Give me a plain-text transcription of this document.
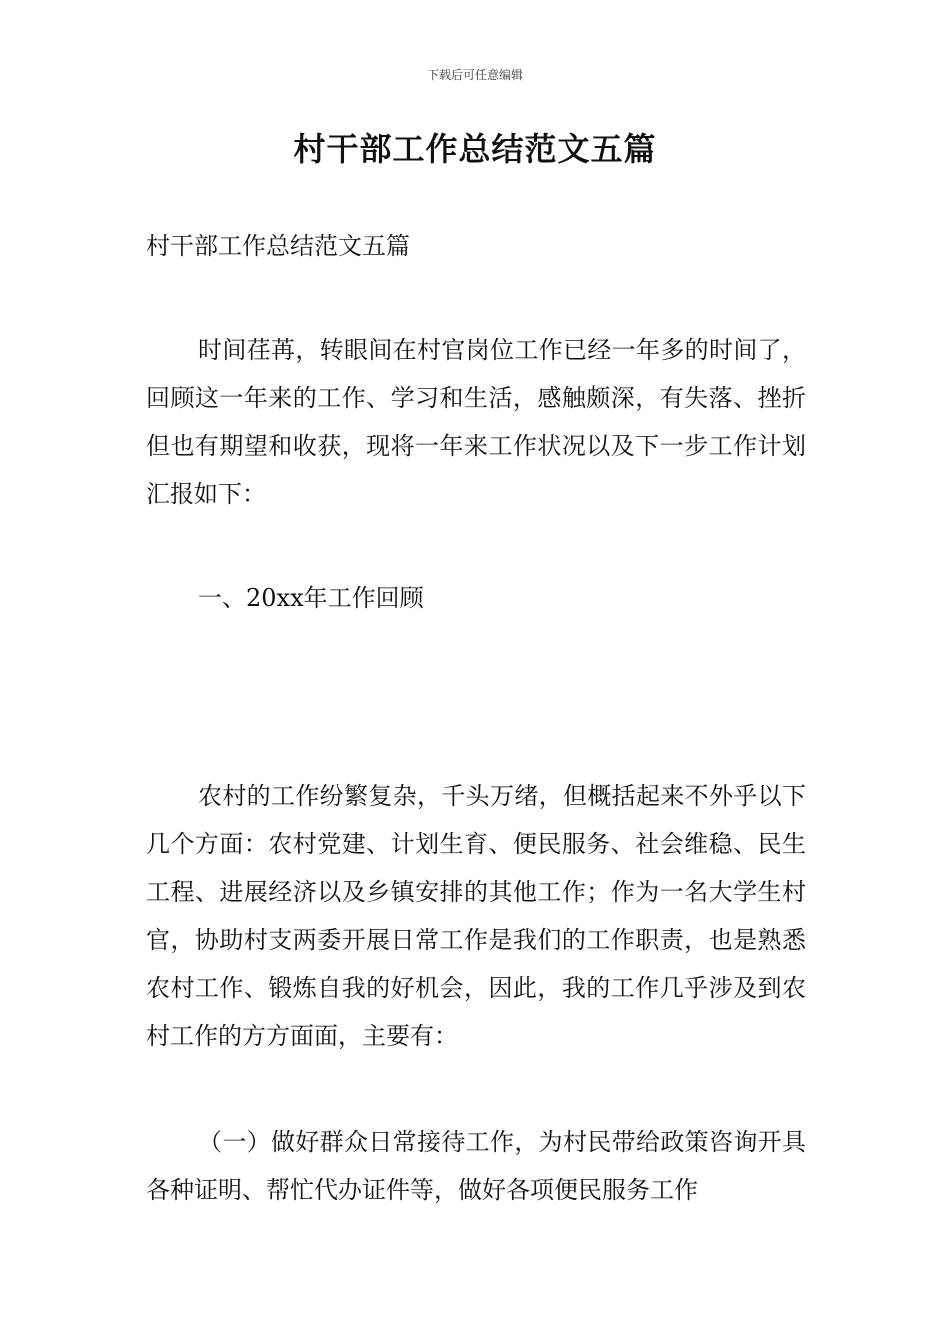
下载后可任意编辑
村干部工作总结范文五篇
村干部工作总结范文五篇

时间荏苒，转眼间在村官岗位工作已经一年多的时间了，回顾这一年来的工作、学习和生活，感触颇深，有失落、挫折但也有期望和收获，现将一年来工作状况以及下一步工作计划汇报如下：

一、20xx年工作回顾

农村的工作纷繁复杂，千头万绪，但概括起来不外乎以下几个方面：农村党建、计划生育、便民服务、社会维稳、民生工程、进展经济以及乡镇安排的其他工作；作为一名大学生村官，协助村支两委开展日常工作是我们的工作职责，也是熟悉农村工作、锻炼自我的好机会，因此，我的工作几乎涉及到农村工作的方方面面，主要有：

（一）做好群众日常接待工作，为村民带给政策咨询开具各种证明、帮忙代办证件等，做好各项便民服务工作
